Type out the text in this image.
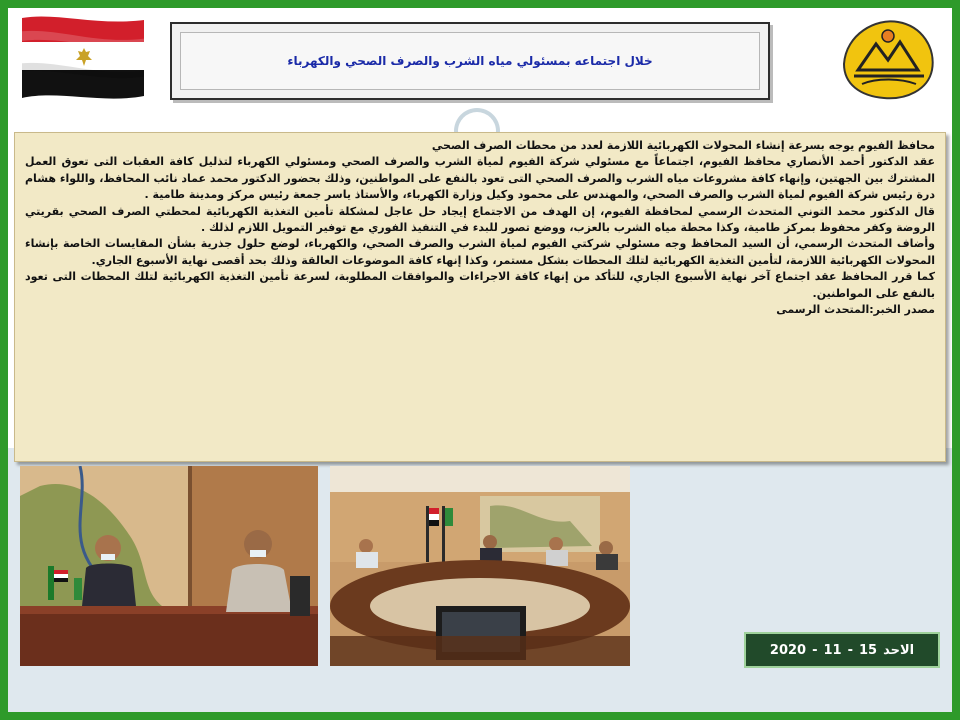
خلال اجتماعه بمسئولي مياه الشرب والصرف الصحي والكهرباء

محافظ الفيوم يوجه بسرعة إنشاء المحولات الكهربائية اللازمة لعدد من محطات الصرف الصحي

عقد الدكتور أحمد الأنصاري محافظ الفيوم، اجتماعاً مع مسئولي شركة الفيوم لمياة الشرب والصرف الصحي ومسئولي الكهرباء لتذليل كافة العقبات التى تعوق العمل المشترك بين الجهتين، وإنهاء كافة مشروعات مياه الشرب والصرف الصحي التى تعود بالنفع على المواطنين، وذلك بحضور الدكتور محمد عماد نائب المحافظ، واللواء هشام درة رئيس شركة الفيوم لمياة الشرب والصرف الصحي، والمهندس على محمود وكيل وزارة الكهرباء، والأستاذ ياسر جمعة رئيس مركز ومدينة طامية .

قال الدكتور محمد التوني المتحدث الرسمي لمحافظة الفيوم، إن الهدف من الاجتماع إيجاد حل عاجل لمشكلة تأمين التغذية الكهربائية لمحطتي الصرف الصحي بقريتي الروضة وكفر محفوظ بمركز طامية، وكذا محطة مياه الشرب بالعزب، ووضع تصور للبدء في التنفيذ الفوري مع توفير التمويل اللازم لذلك .

وأضاف المتحدث الرسمي، أن السيد المحافظ وجه مسئولي شركتي الفيوم لمياة الشرب والصرف الصحي، والكهرباء، لوضع حلول جذرية بشأن المقايسات الخاصة بإنشاء المحولات الكهربائية اللازمة، لتأمين التغذية الكهربائية لتلك المحطات بشكل مستمر، وكذا إنهاء كافة الموضوعات العالقة وذلك بحد أقصى نهاية الأسبوع الجاري.

كما قرر المحافظ عقد اجتماع آخر نهاية الأسبوع الجاري، للتأكد من إنهاء كافة الاجراءات والموافقات المطلوبة، لسرعة تأمين التغذية الكهربائية لتلك المحطات التى تعود بالنفع على المواطنين.

مصدر الخبر:المتحدث الرسمى

الاحد
15
-
11
-
2020
